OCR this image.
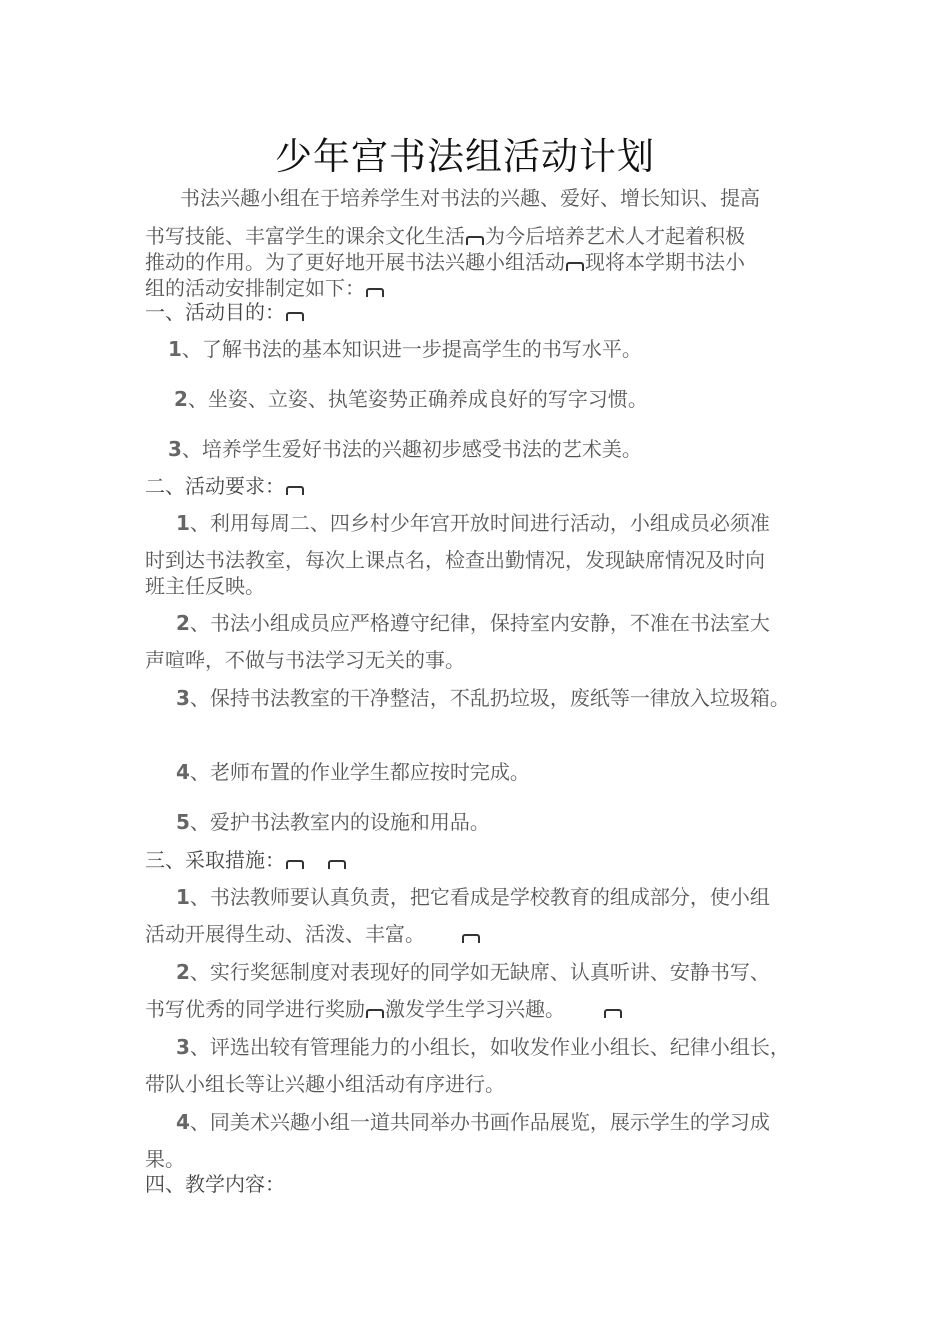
少年宫书法组活动计划
书法兴趣小组在于培养学生对书法的兴趣、爱好、增长知识、提高
书写技能、丰富学生的课余文化生活 为今后培养艺术人才起着积极
推动的作用。为了更好地开展书法兴趣小组活动 现将本学期书法小
组的活动安排制定如下：
一、活动目的：
1、了解书法的基本知识进一步提高学生的书写水平。
2、坐姿、立姿、执笔姿势正确养成良好的写字习惯。
3、培养学生爱好书法的兴趣初步感受书法的艺术美。
二、活动要求：
1、利用每周二、四乡村少年宫开放时间进行活动，小组成员必须准
时到达书法教室，每次上课点名，检查出勤情况，发现缺席情况及时向
班主任反映。
2、书法小组成员应严格遵守纪律，保持室内安静，不准在书法室大
声喧哗，不做与书法学习无关的事。
3、保持书法教室的干净整洁，不乱扔垃圾，废纸等一律放入垃圾箱。
4、老师布置的作业学生都应按时完成。
5、爱护书法教室内的设施和用品。
三、采取措施：
1、书法教师要认真负责，把它看成是学校教育的组成部分，使小组
活动开展得生动、活泼、丰富。
2、实行奖惩制度对表现好的同学如无缺席、认真听讲、安静书写、
书写优秀的同学进行奖励 激发学生学习兴趣。
3、评选出较有管理能力的小组长，如收发作业小组长、纪律小组长，
带队小组长等让兴趣小组活动有序进行。
4、同美术兴趣小组一道共同举办书画作品展览，展示学生的学习成
果。
四、教学内容：
